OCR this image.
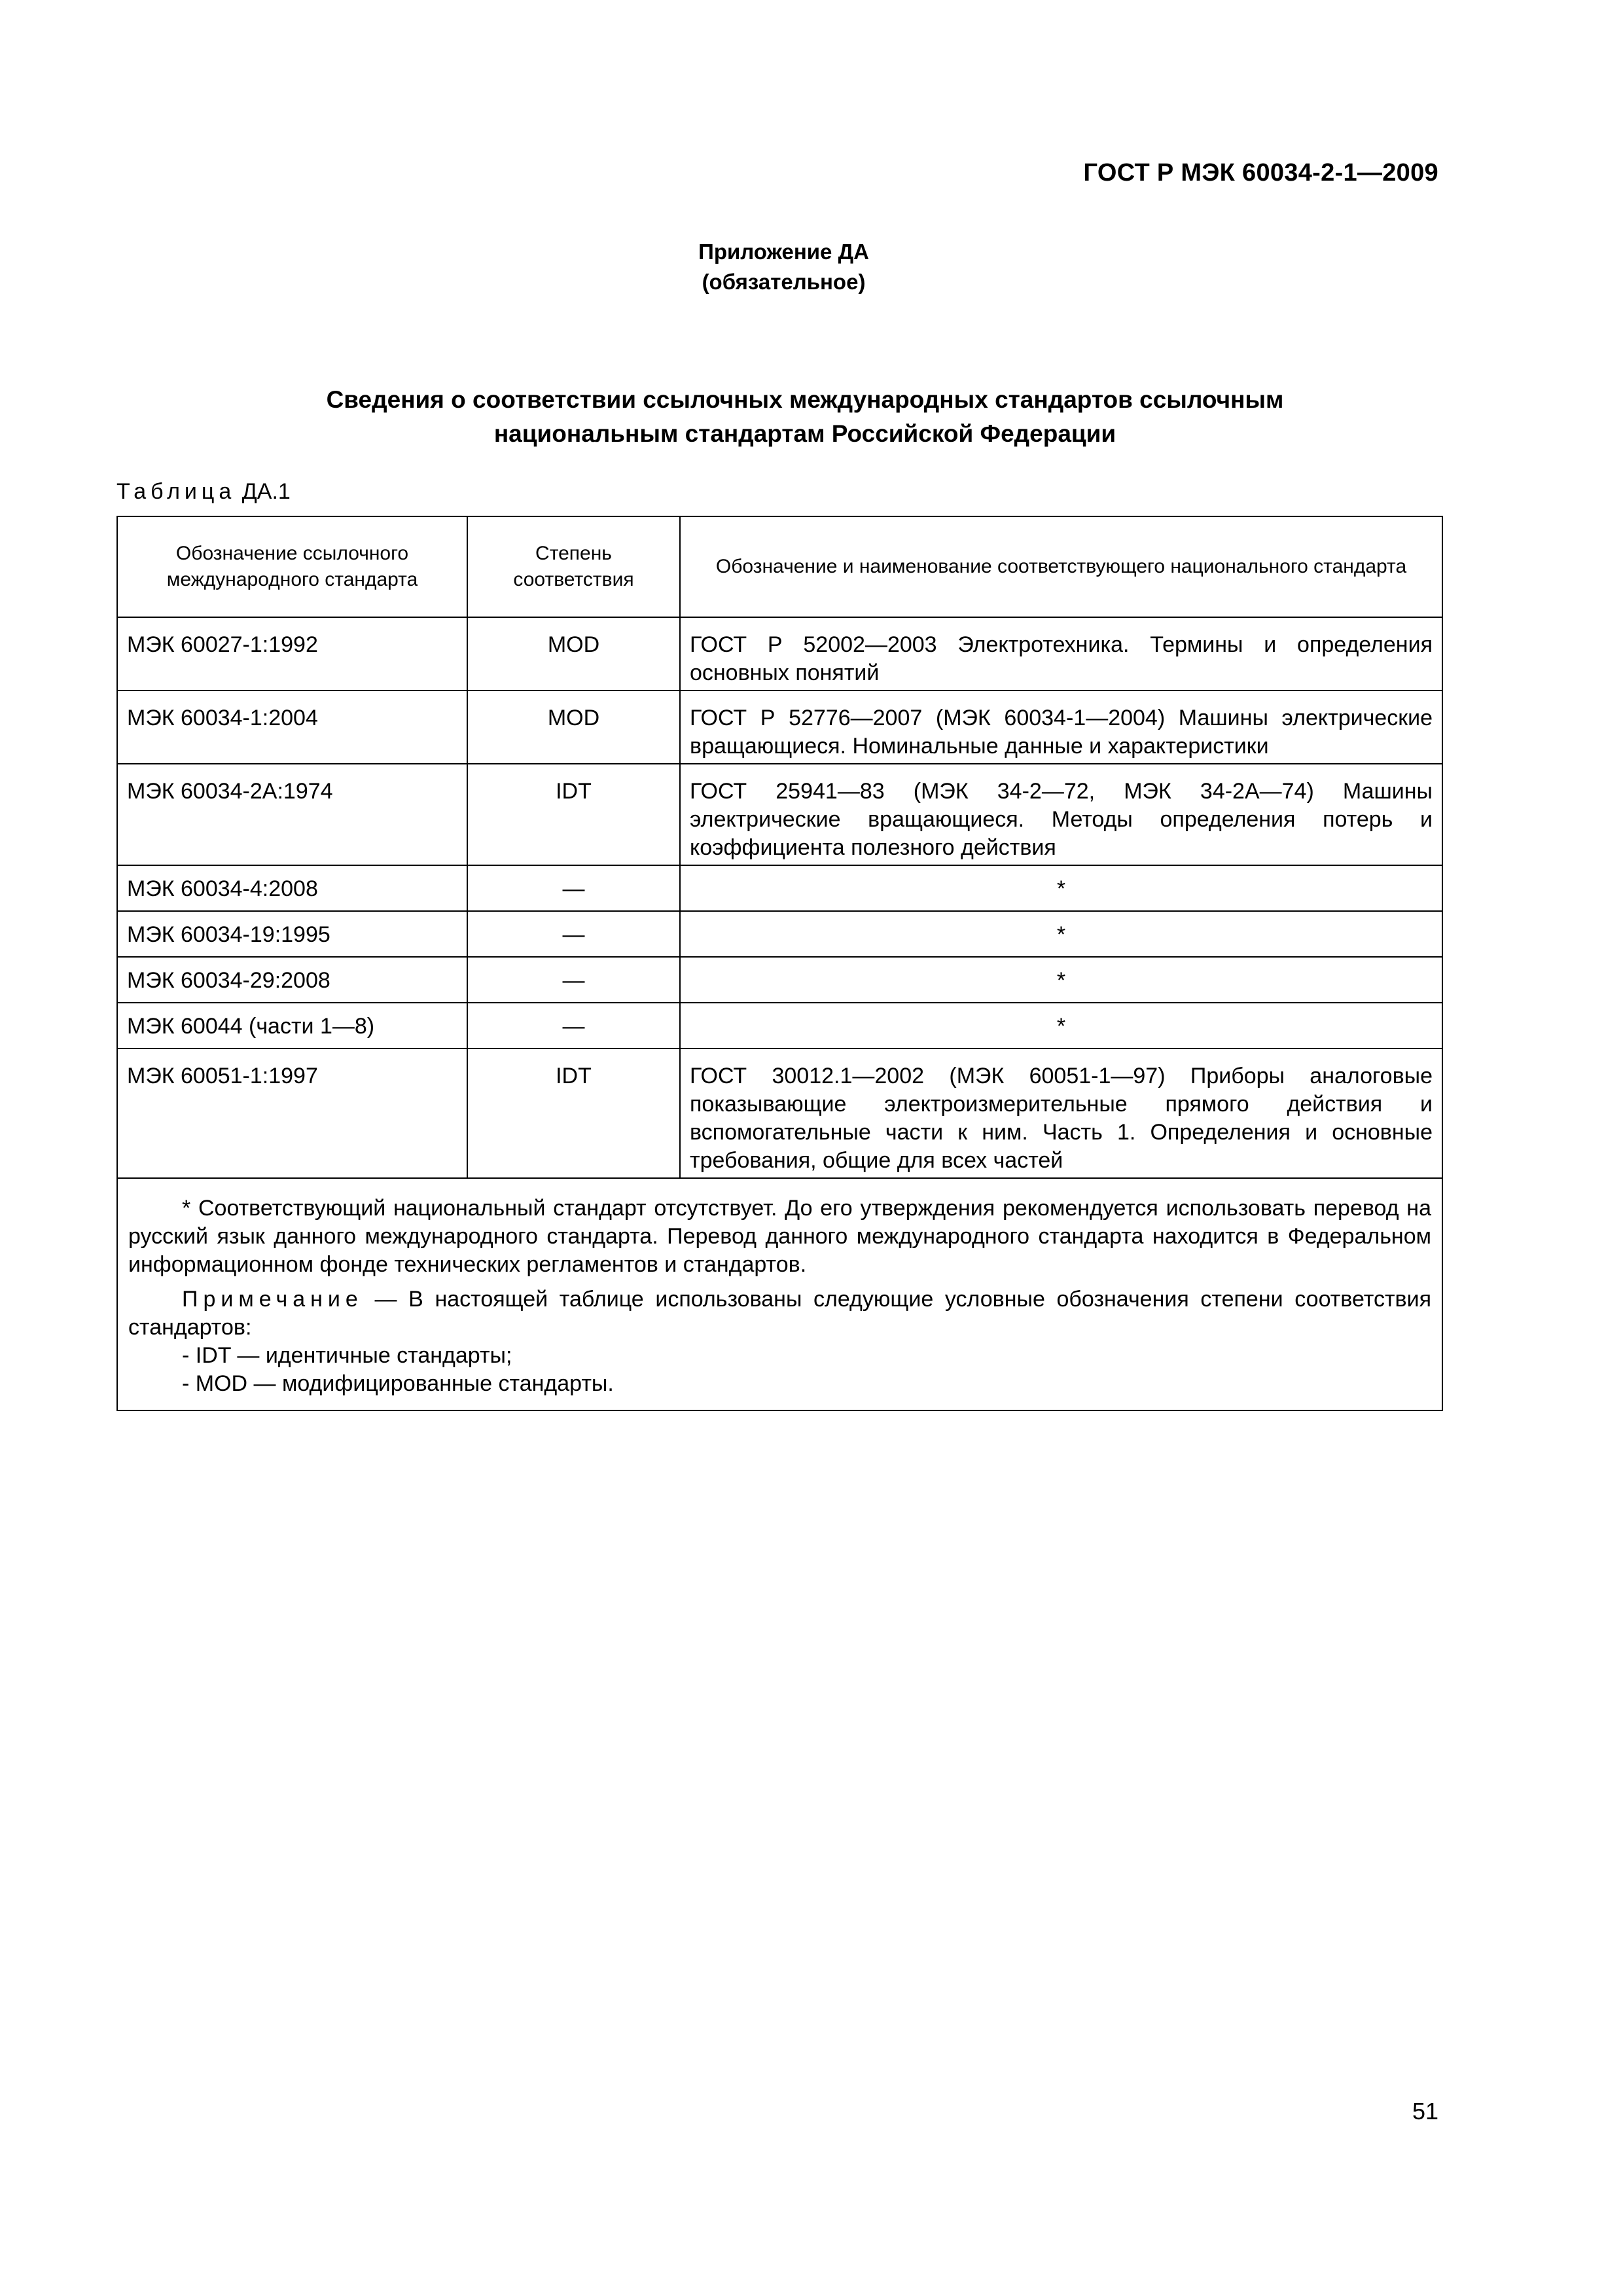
ГОСТ Р МЭК 60034-2-1—2009
Приложение ДА
(обязательное)
Сведения о соответствии ссылочных международных стандартов ссылочным
национальным стандартам Российской Федерации
Таблица ДА.1
Обозначение ссылочного международного стандарта	Степень соответствия	Обозначение и наименование соответствующего национального стандарта
МЭК 60027-1:1992	MOD	ГОСТ Р 52002—2003 Электротехника. Термины и определения основных понятий
МЭК 60034-1:2004	MOD	ГОСТ Р 52776—2007 (МЭК 60034-1—2004) Машины электрические вращающиеся. Номинальные данные и характеристики
МЭК 60034-2А:1974	IDT	ГОСТ 25941—83 (МЭК 34-2—72, МЭК 34-2А—74) Машины электрические вращающиеся. Методы определения потерь и коэффициента полезного действия
МЭК 60034-4:2008	—	*
МЭК 60034-19:1995	—	*
МЭК 60034-29:2008	—	*
МЭК 60044 (части 1—8)	—	*
МЭК 60051-1:1997	IDT	ГОСТ 30012.1—2002 (МЭК 60051-1—97) Приборы аналоговые показывающие электроизмерительные прямого действия и вспомогательные части к ним. Часть 1. Определения и основные требования, общие для всех частей

* Соответствующий национальный стандарт отсутствует. До его утверждения рекомендуется использовать перевод на русский язык данного международного стандарта. Перевод данного международного стандарта находится в Федеральном информационном фонде технических регламентов и стандартов.

Примечание — В настоящей таблице использованы следующие условные обозначения степени соответствия стандартов:

- IDT — идентичные стандарты;

- MOD — модифицированные стандарты.		

51
